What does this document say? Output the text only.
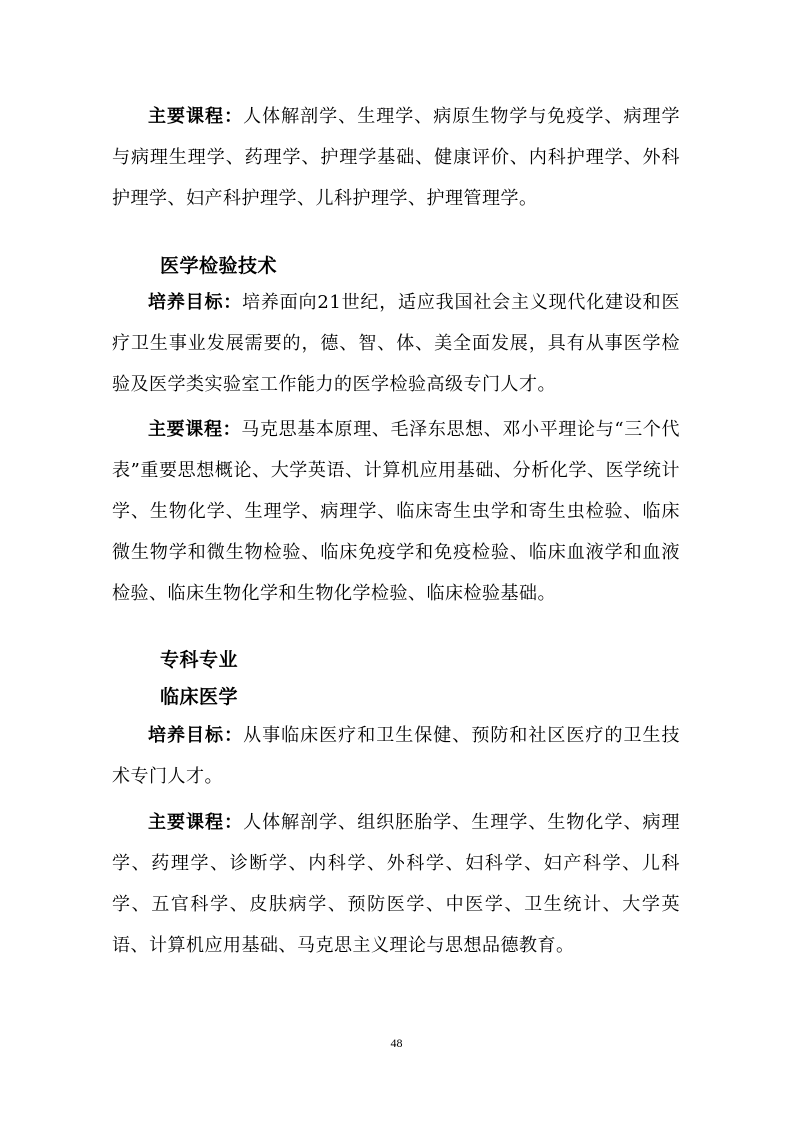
主要课程：人体解剖学、生理学、病原生物学与免疫学、病理学与病理生理学、药理学、护理学基础、健康评价、内科护理学、外科护理学、妇产科护理学、儿科护理学、护理管理学。

医学检验技术

培养目标：培养面向21世纪，适应我国社会主义现代化建设和医疗卫生事业发展需要的，德、智、体、美全面发展，具有从事医学检验及医学类实验室工作能力的医学检验高级专门人才。

主要课程：马克思基本原理、毛泽东思想、邓小平理论与“三个代表”重要思想概论、大学英语、计算机应用基础、分析化学、医学统计学、生物化学、生理学、病理学、临床寄生虫学和寄生虫检验、临床微生物学和微生物检验、临床免疫学和免疫检验、临床血液学和血液检验、临床生物化学和生物化学检验、临床检验基础。

专科专业
临床医学

培养目标：从事临床医疗和卫生保健、预防和社区医疗的卫生技术专门人才。

主要课程：人体解剖学、组织胚胎学、生理学、生物化学、病理学、药理学、诊断学、内科学、外科学、妇科学、妇产科学、儿科学、五官科学、皮肤病学、预防医学、中医学、卫生统计、大学英语、计算机应用基础、马克思主义理论与思想品德教育。

48
